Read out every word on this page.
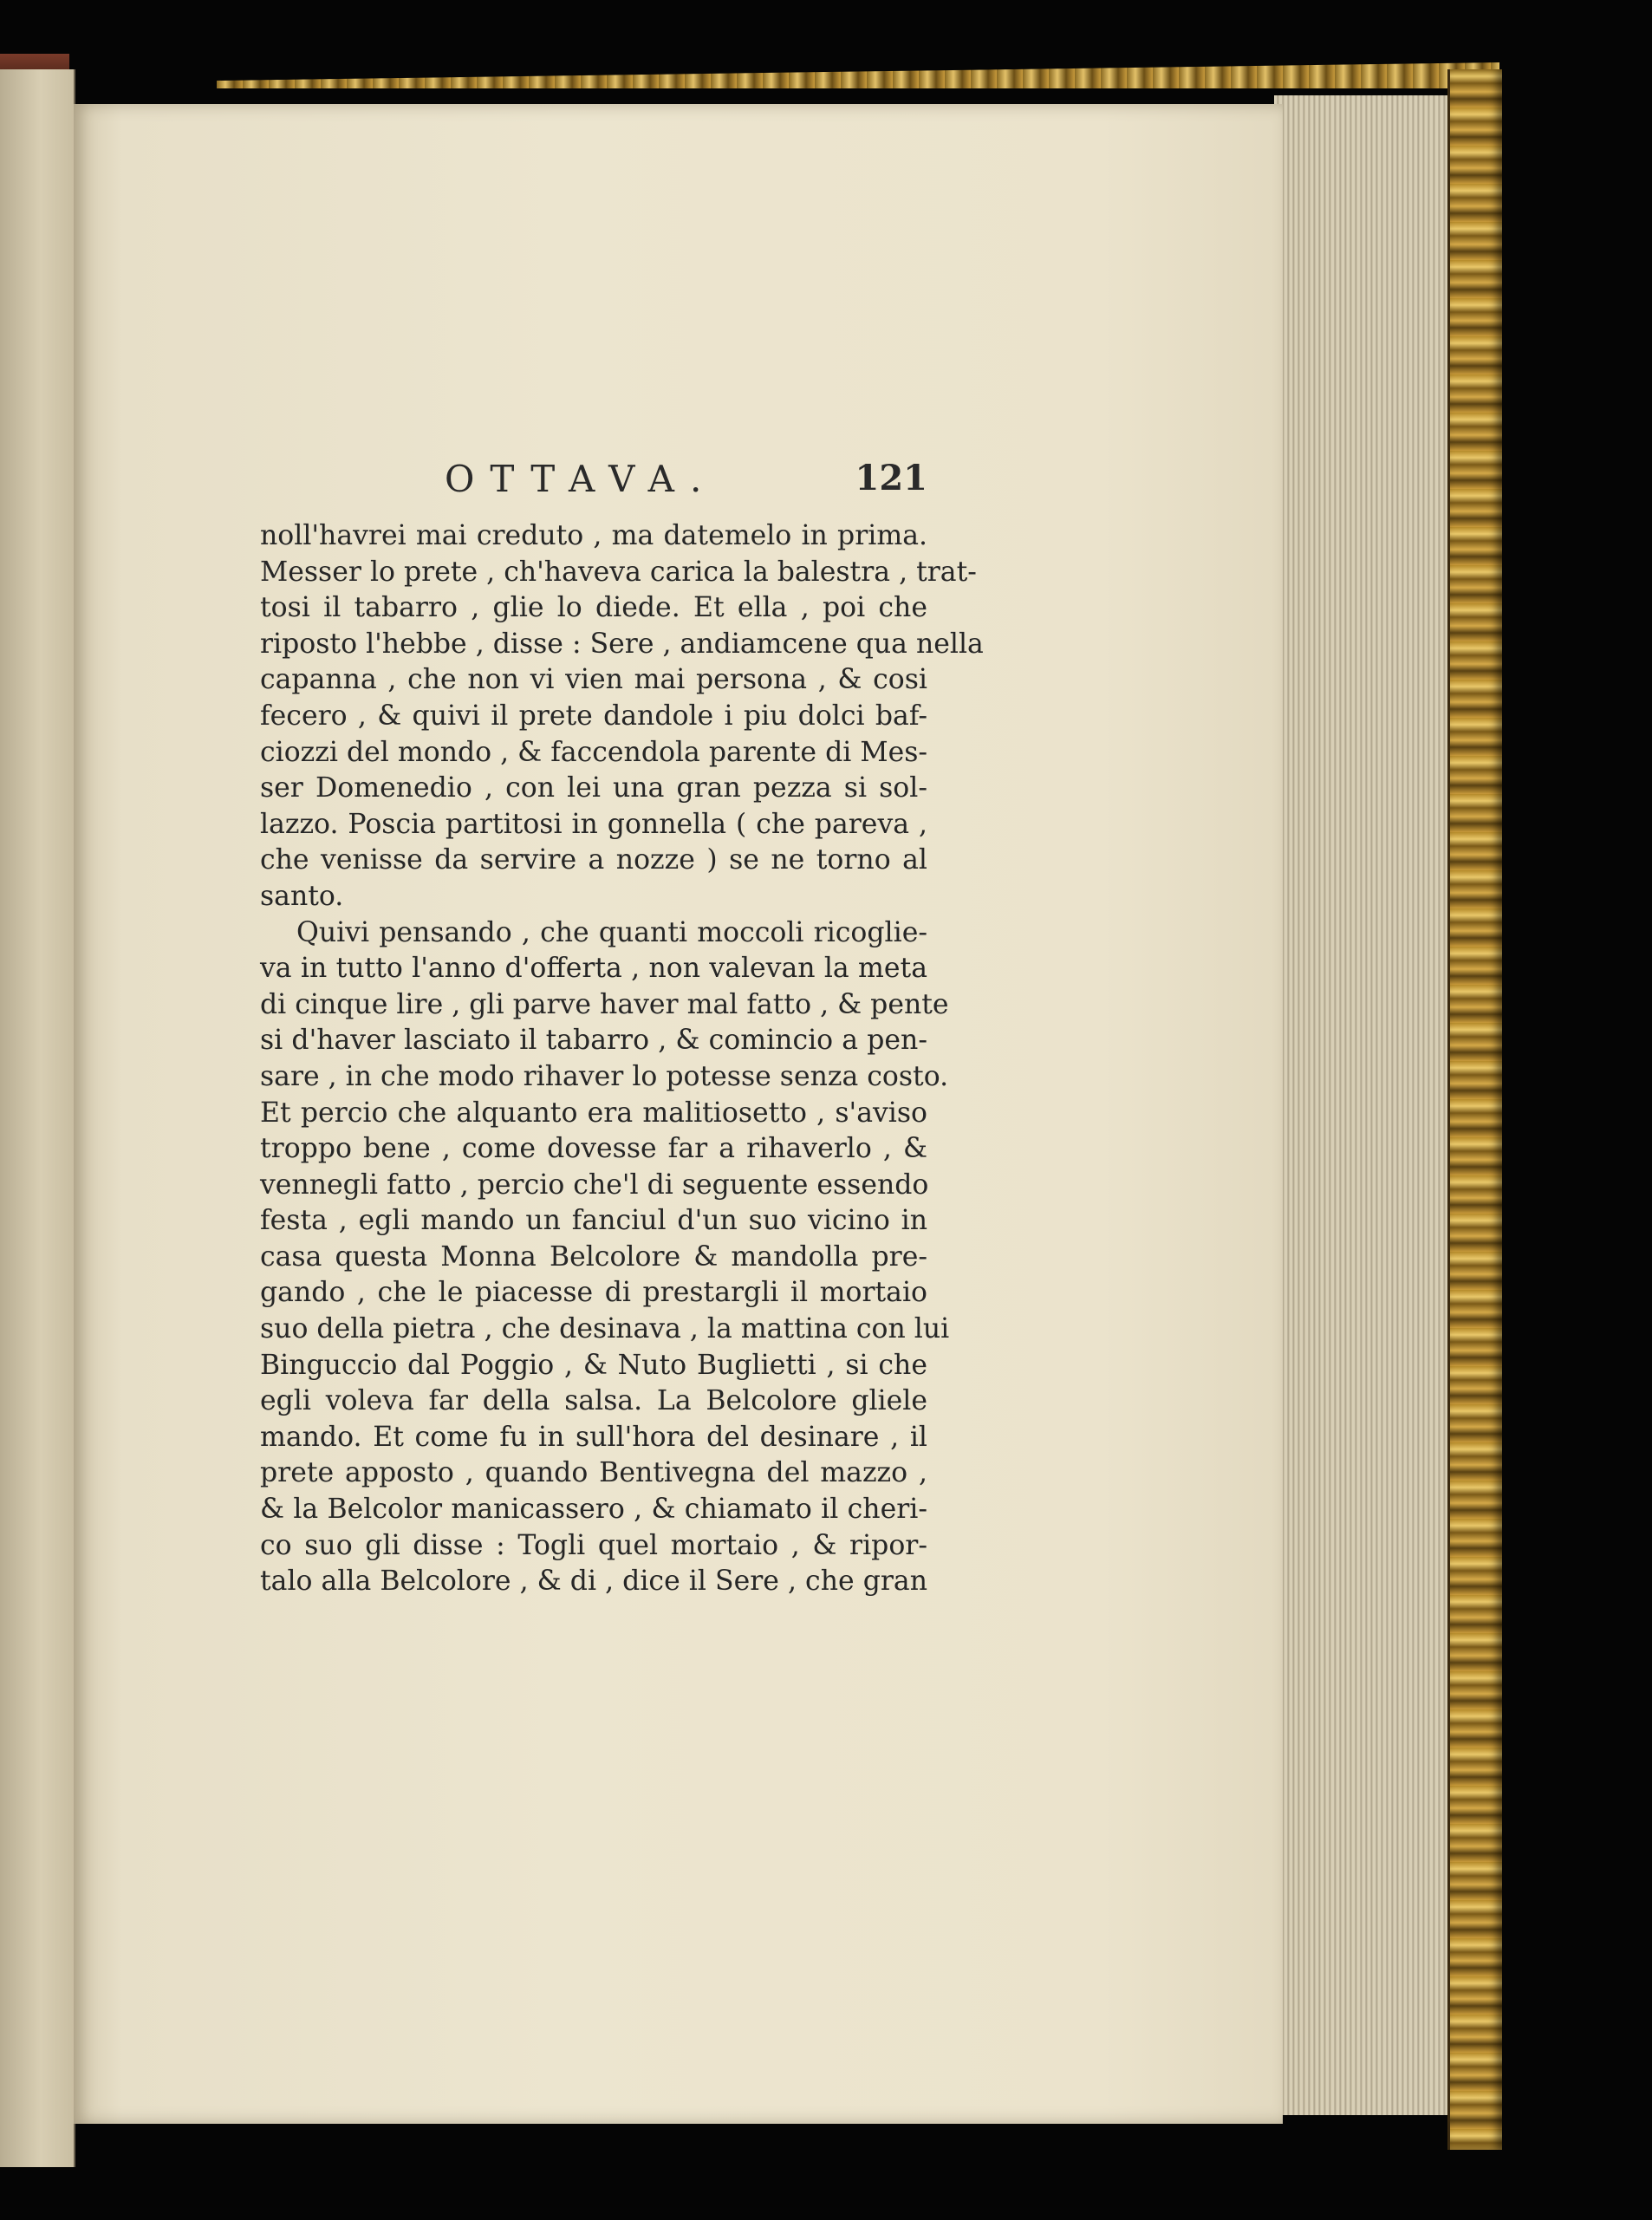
OTTAVA.	121
noll'havrei mai creduto , ma datemelo in prima.
Messer lo prete , ch'haveva carica la balestra , trat-
tosi il tabarro , glie lo diede. Et ella , poi che
riposto l'hebbe , disse : Sere , andiamcene qua nella
capanna , che non vi vien mai persona , & cosi
fecero , & quivi il prete dandole i piu dolci baf-
ciozzi del mondo , & faccendola parente di Mes-
ser Domenedio , con lei una gran pezza si sol-
lazzo. Poscia partitosi in gonnella ( che pareva ,
che venisse da servire a nozze ) se ne torno al
santo.
Quivi pensando , che quanti moccoli ricoglie-
va in tutto l'anno d'offerta , non valevan la meta
di cinque lire , gli parve haver mal fatto , & pente
si d'haver lasciato il tabarro , & comincio a pen-
sare , in che modo rihaver lo potesse senza costo.
Et percio che alquanto era malitiosetto , s'aviso
troppo bene , come dovesse far a rihaverlo , &
vennegli fatto , percio che'l di seguente essendo
festa , egli mando un fanciul d'un suo vicino in
casa questa Monna Belcolore & mandolla pre-
gando , che le piacesse di prestargli il mortaio
suo della pietra , che desinava , la mattina con lui
Binguccio dal Poggio , & Nuto Buglietti , si che
egli voleva far della salsa. La Belcolore gliele
mando. Et come fu in sull'hora del desinare , il
prete apposto , quando Bentivegna del mazzo ,
& la Belcolor manicassero , & chiamato il cheri-
co suo gli disse : Togli quel mortaio , & ripor-
talo alla Belcolore , & di , dice il Sere , che gran
